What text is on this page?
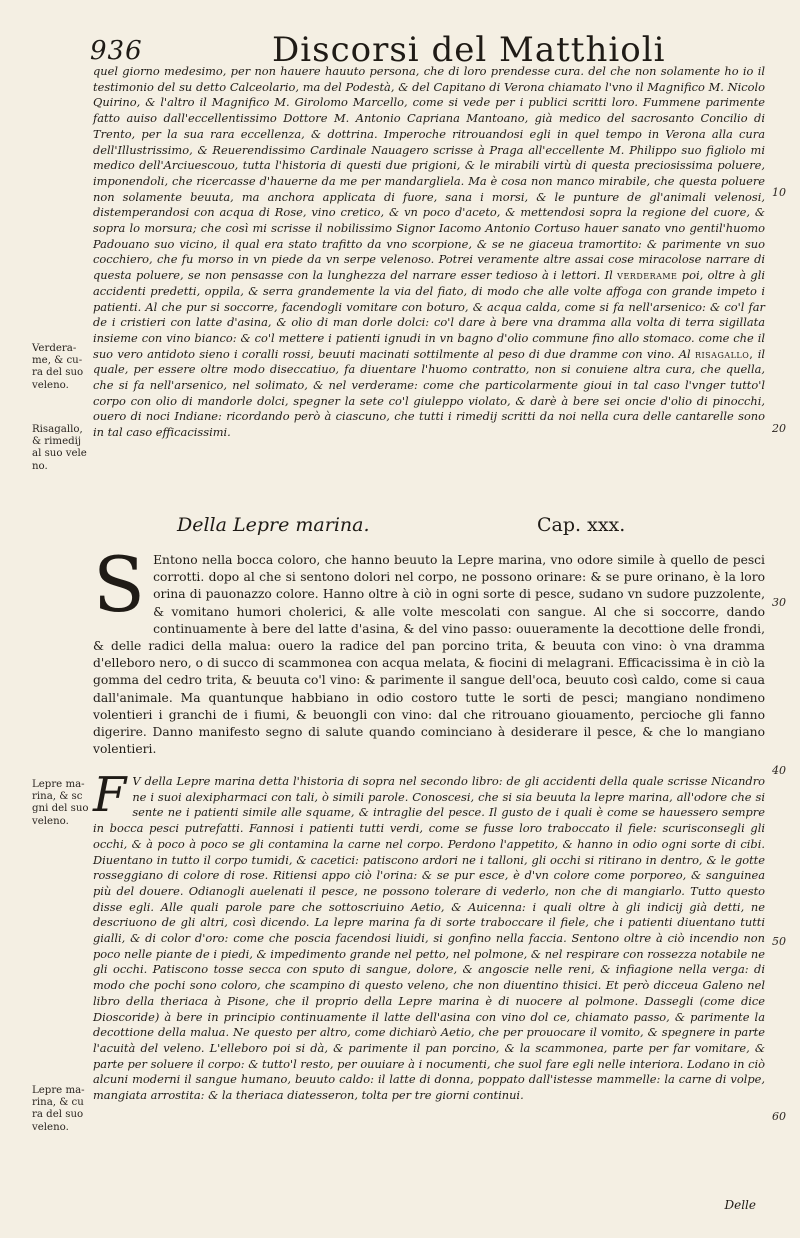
936	Discorsi del Matthioli
quel giorno medesimo, per non hauere hauuto persona, che di loro prendesse cura. del che non solamente ho io il testimonio del su detto Calceolario, ma del Podestà, & del Capitano di Verona chiamato l'vno il Magnifico M. Nicolo Quirino, & l'altro il Magnifico M. Girolomo Marcello, come si vede per i publici scritti loro. Fummene parimente fatto auiso dall'eccellentissimo Dottore M. Antonio Capriana Mantoano, già medico del sacrosanto Concilio di Trento, per la sua rara eccellenza, & dottrina. Imperoche ritrouandosi egli in quel tempo in Verona alla cura dell'Illustrissimo, & Reuerendissimo Cardinale Nauagero scrisse à Praga all'eccellente M. Philippo suo figliolo mi medico dell'Arciuescouo, tutta l'historia di questi due prigioni, & le mirabili virtù di questa preciosissima poluere, imponendoli, che ricercasse d'hauerne da me per mandargliela. Ma è cosa non manco mirabile, che questa poluere non solamente beuuta, ma anchora applicata di fuore, sana i morsi, & le punture de gl'animali velenosi, distemperandosi con acqua di Rose, vino cretico, & vn poco d'aceto, & mettendosi sopra la regione del cuore, & sopra lo morsura; che così mi scrisse il nobilissimo Signor Iacomo Antonio Cortuso hauer sanato vno gentil'huomo Padouano suo vicino, il qual era stato trafitto da vno scorpione, & se ne giaceua tramortito: & parimente vn suo cocchiero, che fu morso in vn piede da vn serpe velenoso. Potrei veramente altre assai cose miracolose narrare di questa poluere, se non pensasse con la lunghezza del narrare esser tedioso à i lettori. Il verderame poi, oltre à gli accidenti predetti, oppila, & serra grandemente la via del fiato, di modo che alle volte affoga con grande impeto i patienti. Al che pur si soccorre, facendogli vomitare con boturo, & acqua calda, come si fa nell'arsenico: & co'l far de i cristieri con latte d'asina, & olio di man dorle dolci: co'l dare à bere vna dramma alla volta di terra sigillata insieme con vino bianco: & co'l mettere i patienti ignudi in vn bagno d'olio commune fino allo stomaco. come che il suo vero antidoto sieno i coralli rossi, beuuti macinati sottilmente al peso di due dramme con vino. Al risagallo, il quale, per essere oltre modo diseccatiuo, fa diuentare l'huomo contratto, non si conuiene altra cura, che quella, che si fa nell'arsenico, nel solimato, & nel verderame: come che particolarmente gioui in tal caso l'vnger tutto'l corpo con olio di mandorle dolci, spegner la sete co'l giuleppo violato, & darè à bere sei oncie d'olio di pinocchi, ouero di noci Indiane: ricordando però à ciascuno, che tutti i rimedij scritti da noi nella cura delle cantarelle sono in tal caso efficacissimi.
Della Lepre marina.	Cap. xxx.
S Entono nella bocca coloro, che hanno beuuto la Lepre marina, vno odore simile à quello de pesci corrotti. dopo al che si sentono dolori nel corpo, ne possono orinare: & se pure orinano, è la loro orina di pauonazzo colore. Hanno oltre à ciò in ogni sorte di pesce, sudano vn sudore puzzolente, & vomitano humori cholerici, & alle volte mescolati con sangue. Al che si soccorre, dando continuamente à bere del latte d'asina, & del vino passo: ouueramente la decottione delle frondi, & delle radici della malua: ouero la radice del pan porcino trita, & beuuta con vino: ò vna dramma d'elleboro nero, o di succo di scammonea con acqua melata, & fiocini di melagrani. Efficacissima è in ciò la gomma del cedro trita, & beuuta co'l vino: & parimente il sangue dell'oca, beuuto così caldo, come si caua dall'animale. Ma quantunque habbiano in odio costoro tutte le sorti de pesci; mangiano nondimeno volentieri i granchi de i fiumi, & beuongli con vino: dal che ritrouano giouamento, percioche gli fanno digerire. Danno manifesto segno di salute quando cominciano à desiderare il pesce, & che lo mangiano volentieri.
F V della Lepre marina detta l'historia di sopra nel secondo libro: de gli accidenti della quale scrisse Nicandro ne i suoi alexipharmaci con tali, ò simili parole. Conoscesi, che si sia beuuta la lepre marina, all'odore che si sente ne i patienti simile alle squame, & intraglie del pesce. Il gusto de i quali è come se hauessero sempre in bocca pesci putrefatti. Fannosi i patienti tutti verdi, come se fusse loro traboccato il fiele: scurisconsegli gli occhi, & à poco à poco se gli contamina la carne nel corpo. Perdono l'appetito, & hanno in odio ogni sorte di cibi. Diuentano in tutto il corpo tumidi, & cacetici: patiscono ardori ne i talloni, gli occhi si ritirano in dentro, & le gotte rosseggiano di colore di rose. Ritiensi appo ciò l'orina: & se pur esce, è d'vn colore come porporeo, & sanguinea più del douere. Odianogli auelenati il pesce, ne possono tolerare di vederlo, non che di mangiarlo. Tutto questo disse egli. Alle quali parole pare che sottoscriuino Aetio, & Auicenna: i quali oltre à gli indicij già detti, ne descriuono de gli altri, così dicendo. La lepre marina fa di sorte traboccare il fiele, che i patienti diuentano tutti gialli, & di color d'oro: come che poscia facendosi liuidi, si gonfino nella faccia. Sentono oltre à ciò incendio non poco nelle piante de i piedi, & impedimento grande nel petto, nel polmone, & nel respirare con rossezza notabile ne gli occhi. Patiscono tosse secca con sputo di sangue, dolore, & angoscie nelle reni, & infiagione nella verga: di modo che pochi sono coloro, che scampino di questo veleno, che non diuentino thisici. Et però dicceua Galeno nel libro della theriaca à Pisone, che il proprio della Lepre marina è di nuocere al polmone. Dassegli (come dice Dioscoride) à bere in principio continuamente il latte dell'asina con vino dol ce, chiamato passo, & parimente la decottione della malua. Ne questo per altro, come dichiarò Aetio, che per prouocare il vomito, & spegnere in parte l'acuità del veleno. L'elleboro poi si dà, & parimente il pan porcino, & la scammonea, parte per far vomitare, & parte per soluere il corpo: & tutto'l resto, per ouuiare à i nocumenti, che suol fare egli nelle interiora. Lodano in ciò alcuni moderni il sangue humano, beuuto caldo: il latte di donna, poppato dall'istesse mammelle: la carne di volpe, mangiata arrostita: & la theriaca diatesseron, tolta per tre giorni continui.
Verdera-
me, & cu-
ra del suo
veleno.
Risagallo,
& rimedij
al suo vele
no.
Lepre ma-
rina, & sc
gni del suo
veleno.
Lepre ma-
rina, & cu
ra del suo
veleno.
10
20
30
40
50
60
Delle
